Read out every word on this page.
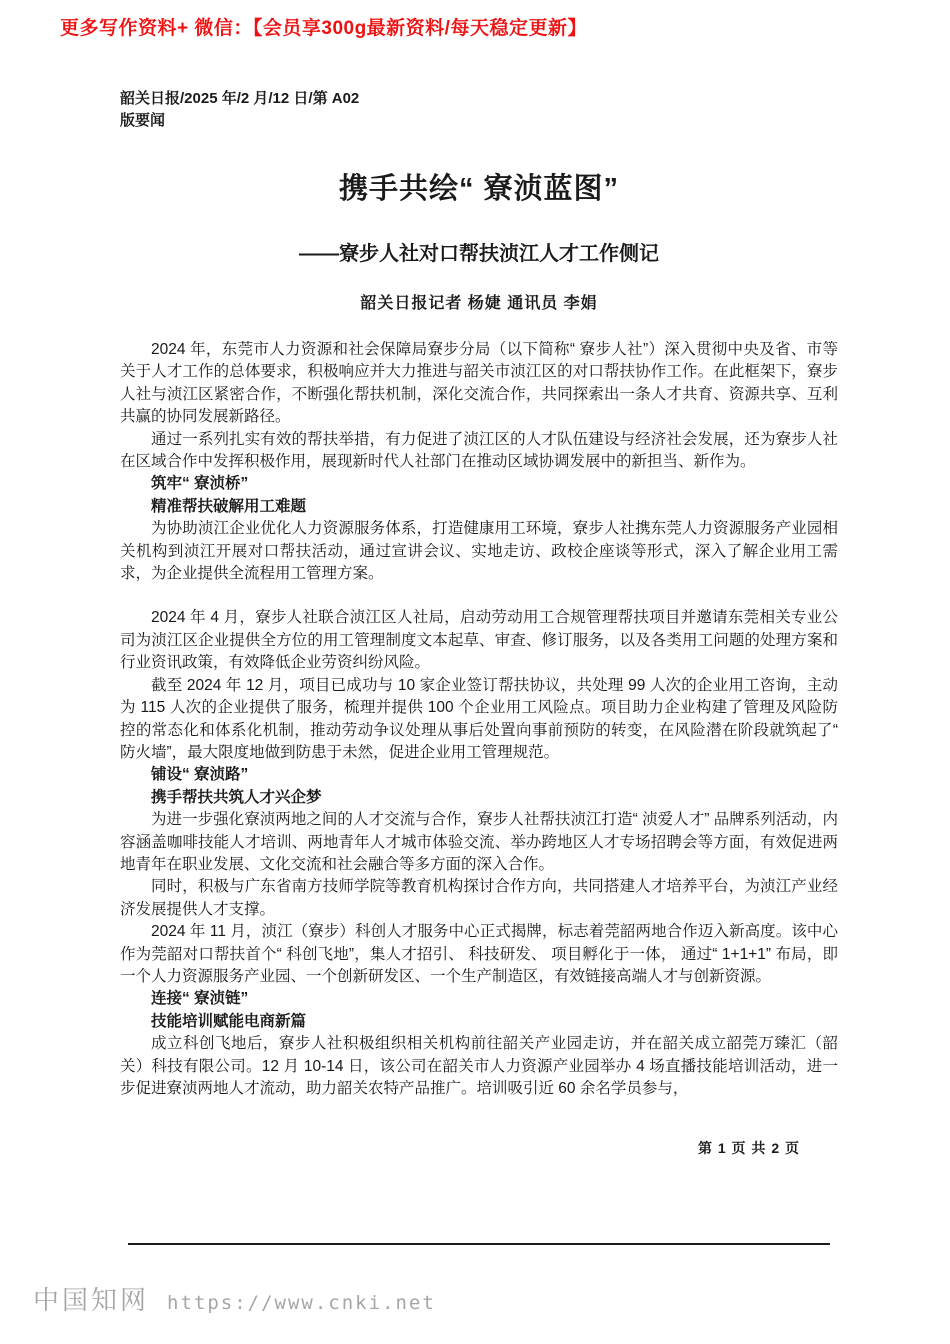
更多写作资料+ 微信：【会员享300g最新资料/每天稳定更新】
韶关日报/2025 年/2 月/12 日/第 A02
版要闻
携手共绘“ 寮浈蓝图”
——寮步人社对口帮扶浈江人才工作侧记
韶关日报记者 杨婕 通讯员 李娟

2024 年，东莞市人力资源和社会保障局寮步分局（以下简称“ 寮步人社”）深入贯彻中央及省、市等关于人才工作的总体要求，积极响应并大力推进与韶关市浈江区的对口帮扶协作工作。在此框架下，寮步人社与浈江区紧密合作，不断强化帮扶机制，深化交流合作，共同探索出一条人才共育、资源共享、互利共赢的协同发展新路径。

通过一系列扎实有效的帮扶举措，有力促进了浈江区的人才队伍建设与经济社会发展，还为寮步人社在区域合作中发挥积极作用，展现新时代人社部门在推动区域协调发展中的新担当、新作为。

筑牢“ 寮浈桥”

精准帮扶破解用工难题

为协助浈江企业优化人力资源服务体系，打造健康用工环境，寮步人社携东莞人力资源服务产业园相关机构到浈江开展对口帮扶活动，通过宣讲会议、实地走访、政校企座谈等形式，深入了解企业用工需求，为企业提供全流程用工管理方案。

2024 年 4 月，寮步人社联合浈江区人社局，启动劳动用工合规管理帮扶项目并邀请东莞相关专业公司为浈江区企业提供全方位的用工管理制度文本起草、审查、修订服务，以及各类用工问题的处理方案和行业资讯政策，有效降低企业劳资纠纷风险。

截至 2024 年 12 月，项目已成功与 10 家企业签订帮扶协议，共处理 99 人次的企业用工咨询，主动为 115 人次的企业提供了服务，梳理并提供 100 个企业用工风险点。项目助力企业构建了管理及风险防控的常态化和体系化机制，推动劳动争议处理从事后处置向事前预防的转变，在风险潜在阶段就筑起了“ 防火墙”，最大限度地做到防患于未然，促进企业用工管理规范。

铺设“ 寮浈路”

携手帮扶共筑人才兴企梦

为进一步强化寮浈两地之间的人才交流与合作，寮步人社帮扶浈江打造“ 浈爱人才” 品牌系列活动，内容涵盖咖啡技能人才培训、两地青年人才城市体验交流、举办跨地区人才专场招聘会等方面，有效促进两地青年在职业发展、文化交流和社会融合等多方面的深入合作。

同时，积极与广东省南方技师学院等教育机构探讨合作方向，共同搭建人才培养平台，为浈江产业经济发展提供人才支撑。

2024 年 11 月，浈江（寮步）科创人才服务中心正式揭牌，标志着莞韶两地合作迈入新高度。该中心作为莞韶对口帮扶首个“ 科创飞地”，集人才招引、 科技研发、 项目孵化于一体， 通过“ 1+1+1” 布局，即一个人力资源服务产业园、一个创新研发区、一个生产制造区，有效链接高端人才与创新资源。

连接“ 寮浈链”

技能培训赋能电商新篇

成立科创飞地后，寮步人社积极组织相关机构前往韶关产业园走访，并在韶关成立韶莞万臻汇（韶关）科技有限公司。12 月 10-14 日，该公司在韶关市人力资源产业园举办 4 场直播技能培训活动，进一步促进寮浈两地人才流动，助力韶关农特产品推广。培训吸引近 60 余名学员参与，

第 1 页 共 2 页
中国知网 https://www.cnki.net
